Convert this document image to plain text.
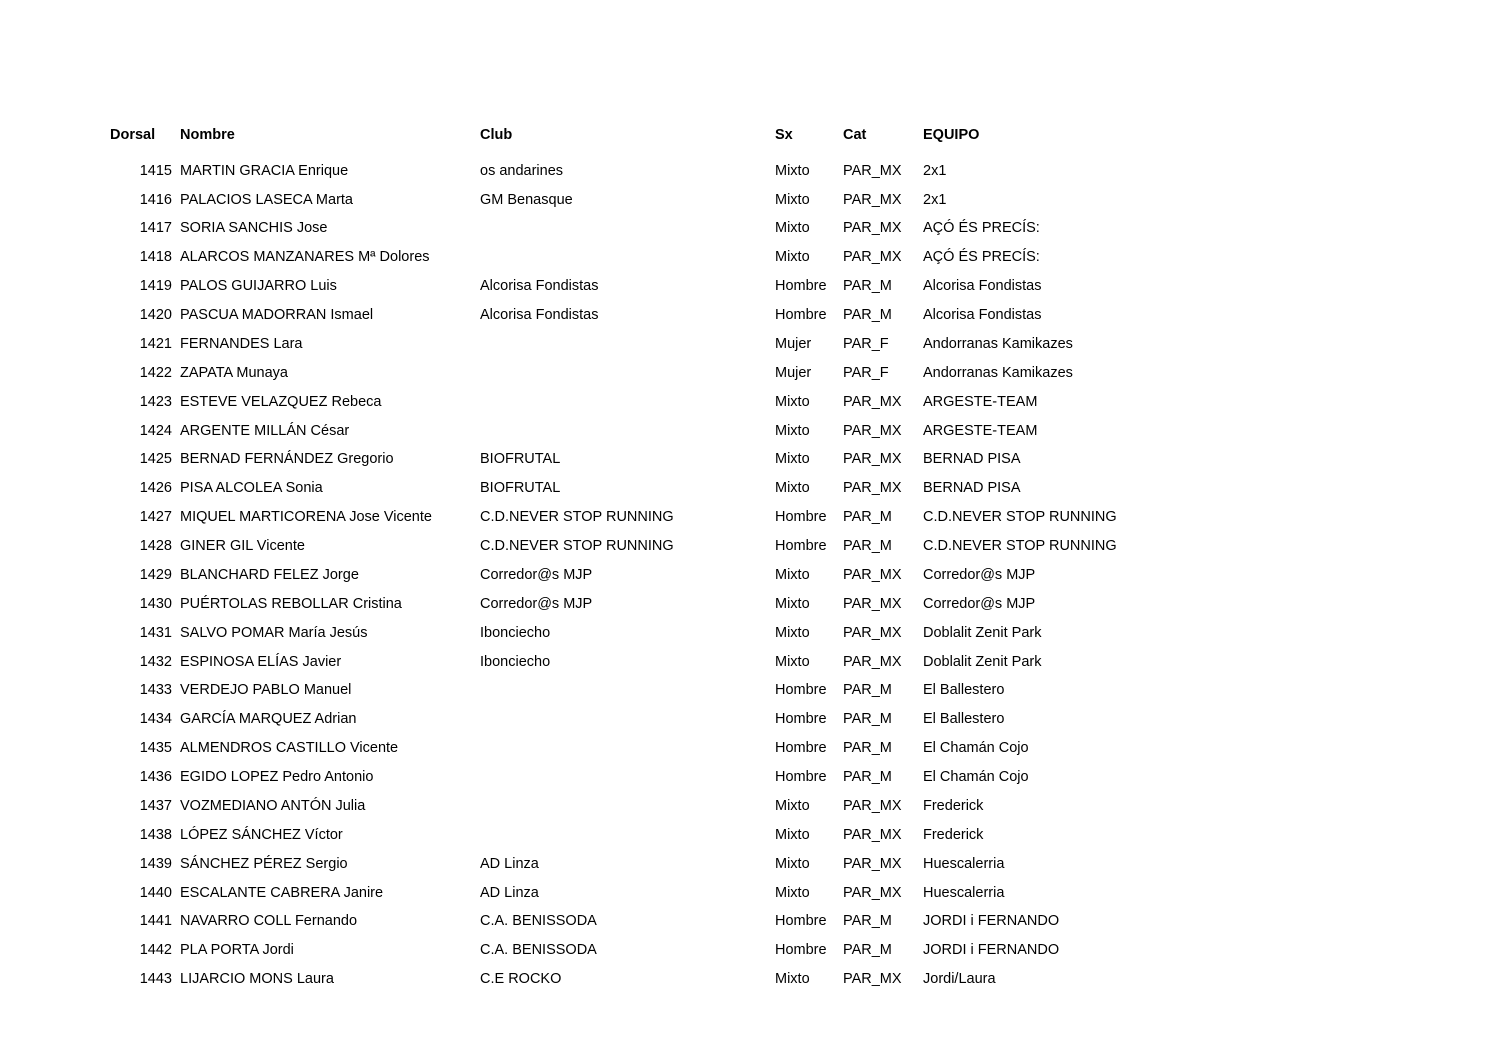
Dorsal	Nombre	Club	Sx	Cat	EQUIPO
1415	MARTIN GRACIA Enrique	os andarines	Mixto	PAR_MX	2x1
1416	PALACIOS LASECA Marta	GM Benasque	Mixto	PAR_MX	2x1
1417	SORIA SANCHIS Jose		Mixto	PAR_MX	AÇÓ ÉS PRECÍS:
1418	ALARCOS MANZANARES Mª Dolores		Mixto	PAR_MX	AÇÓ ÉS PRECÍS:
1419	PALOS GUIJARRO Luis	Alcorisa Fondistas	Hombre	PAR_M	Alcorisa Fondistas
1420	PASCUA MADORRAN Ismael	Alcorisa Fondistas	Hombre	PAR_M	Alcorisa Fondistas
1421	FERNANDES Lara		Mujer	PAR_F	Andorranas Kamikazes
1422	ZAPATA Munaya		Mujer	PAR_F	Andorranas Kamikazes
1423	ESTEVE VELAZQUEZ Rebeca		Mixto	PAR_MX	ARGESTE-TEAM
1424	ARGENTE MILLÁN César		Mixto	PAR_MX	ARGESTE-TEAM
1425	BERNAD FERNÁNDEZ Gregorio	BIOFRUTAL	Mixto	PAR_MX	BERNAD PISA
1426	PISA ALCOLEA Sonia	BIOFRUTAL	Mixto	PAR_MX	BERNAD PISA
1427	MIQUEL MARTICORENA Jose Vicente	C.D.NEVER STOP RUNNING	Hombre	PAR_M	C.D.NEVER STOP RUNNING
1428	GINER GIL Vicente	C.D.NEVER STOP RUNNING	Hombre	PAR_M	C.D.NEVER STOP RUNNING
1429	BLANCHARD FELEZ Jorge	Corredor@s MJP	Mixto	PAR_MX	Corredor@s MJP
1430	PUÉRTOLAS REBOLLAR Cristina	Corredor@s MJP	Mixto	PAR_MX	Corredor@s MJP
1431	SALVO POMAR María Jesús	Ibonciecho	Mixto	PAR_MX	Doblalit Zenit Park
1432	ESPINOSA ELÍAS Javier	Ibonciecho	Mixto	PAR_MX	Doblalit Zenit Park
1433	VERDEJO PABLO Manuel		Hombre	PAR_M	El Ballestero
1434	GARCÍA MARQUEZ Adrian		Hombre	PAR_M	El Ballestero
1435	ALMENDROS CASTILLO Vicente		Hombre	PAR_M	El Chamán Cojo
1436	EGIDO LOPEZ Pedro Antonio		Hombre	PAR_M	El Chamán Cojo
1437	VOZMEDIANO ANTÓN Julia		Mixto	PAR_MX	Frederick
1438	LÓPEZ SÁNCHEZ Víctor		Mixto	PAR_MX	Frederick
1439	SÁNCHEZ PÉREZ Sergio	AD Linza	Mixto	PAR_MX	Huescalerria
1440	ESCALANTE CABRERA Janire	AD Linza	Mixto	PAR_MX	Huescalerria
1441	NAVARRO COLL Fernando	C.A. BENISSODA	Hombre	PAR_M	JORDI i FERNANDO
1442	PLA PORTA Jordi	C.A. BENISSODA	Hombre	PAR_M	JORDI i FERNANDO
1443	LIJARCIO MONS Laura	C.E ROCKO	Mixto	PAR_MX	Jordi/Laura
